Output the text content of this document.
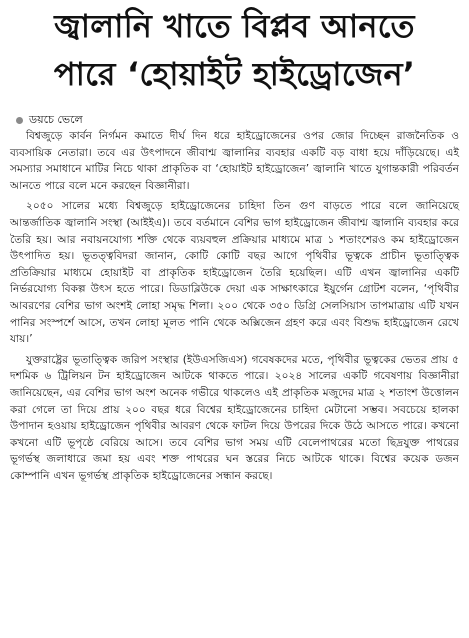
জ্বালানি খাতে বিপ্লব আনতে
পারে ‘হোয়াইট হাইড্রোজেন’
ডয়চে ভেলে

বিশ্বজুড়ে কার্বন নির্গমন কমাতে দীর্ঘ দিন ধরে হাইড্রোজেনের ওপর জোর দিচ্ছেন রাজনৈতিক ও ব্যবসায়িক নেতারা। তবে এর উৎপাদনে জীবাশ্ম জ্বালানির ব্যবহার একটি বড় বাধা হয়ে দাঁড়িয়েছে। এই সমস্যার সমাধানে মাটির নিচে থাকা প্রাকৃতিক বা ‘হোয়াইট হাইড্রোজেন’ জ্বালানি খাতে যুগান্তকারী পরিবর্তন আনতে পারে বলে মনে করছেন বিজ্ঞানীরা।

২০৫০ সালের মধ্যে বিশ্বজুড়ে হাইড্রোজেনের চাহিদা তিন গুণ বাড়তে পারে বলে জানিয়েছে আন্তর্জাতিক জ্বালানি সংস্থা (আইইএ)। তবে বর্তমানে বেশির ভাগ হাইড্রোজেন জীবাশ্ম জ্বালানি ব্যবহার করে তৈরি হয়। আর নবায়নযোগ্য শক্তি থেকে ব্যয়বহুল প্রক্রিয়ার মাধ্যমে মাত্র ১ শতাংশেরও কম হাইড্রোজেন উৎপাদিত হয়। ভূতত্ত্ববিদরা জানান, কোটি কোটি বছর আগে পৃথিবীর ভূত্বকে প্রাচীন ভূতাত্ত্বিক প্রতিক্রিয়ার মাধ্যমে হোয়াইট বা প্রাকৃতিক হাইড্রোজেন তৈরি হয়েছিল। এটি এখন জ্বালানির একটি নির্ভরযোগ্য বিকল্প উৎস হতে পারে। ডিডাব্লিউকে দেয়া এক সাক্ষাৎকারে ইয়ুর্গেন গ্রোটশ বলেন, ‘পৃথিবীর আবরণের বেশির ভাগ অংশই লোহা সমৃদ্ধ শিলা। ২০০ থেকে ৩৫০ ডিগ্রি সেলসিয়াস তাপমাত্রায় এটি যখন পানির সংস্পর্শে আসে, তখন লোহা মূলত পানি থেকে অক্সিজেন গ্রহণ করে এবং বিশুদ্ধ হাইড্রোজেন রেখে যায়।’

যুক্তরাষ্ট্রের ভূতাত্ত্বিক জরিপ সংস্থার (ইউএসজিএস) গবেষকদের মতে, পৃথিবীর ভূত্বকের ভেতর প্রায় ৫ দশমিক ৬ ট্রিলিয়ন টন হাইড্রোজেন আটকে থাকতে পারে। ২০২৪ সালের একটি গবেষণায় বিজ্ঞানীরা জানিয়েছেন, এর বেশির ভাগ অংশ অনেক গভীরে থাকলেও এই প্রাকৃতিক মজুদের মাত্র ২ শতাংশ উত্তোলন করা গেলে তা দিয়ে প্রায় ২০০ বছর ধরে বিশ্বের হাইড্রোজেনের চাহিদা মেটানো সম্ভব। সবচেয়ে হালকা উপাদান হওয়ায় হাইড্রোজেন পৃথিবীর আবরণ থেকে ফাটল দিয়ে উপরের দিকে উঠে আসতে পারে। কখনো কখনো এটি ভূপৃষ্ঠে বেরিয়ে আসে। তবে বেশির ভাগ সময় এটি বেলেপাথরের মতো ছিদ্রযুক্ত পাথরের ভূগর্ভস্থ জলাধারে জমা হয় এবং শক্ত পাথরের ঘন স্তরের নিচে আটকে থাকে। বিশ্বের কয়েক ডজন কোম্পানি এখন ভূগর্ভস্থ প্রাকৃতিক হাইড্রোজেনের সন্ধান করছে।
